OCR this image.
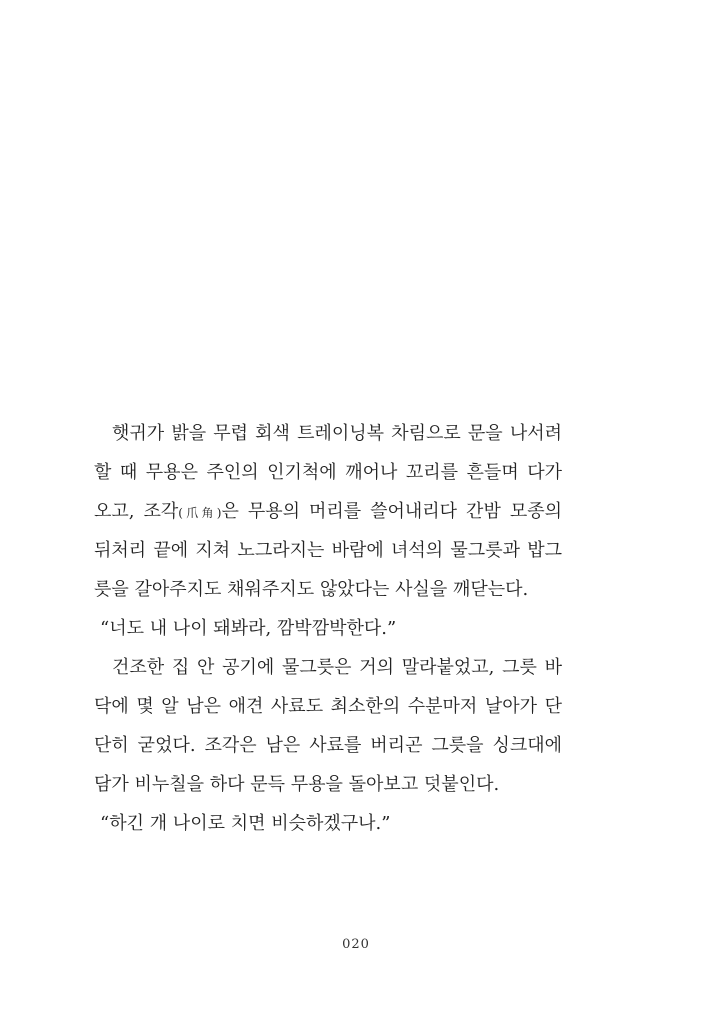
햇귀가 밝을 무렵 회색 트레이닝복 차림으로 문을 나서려
할 때 무용은 주인의 인기척에 깨어나 꼬리를 흔들며 다가
오고, 조각(爪角)은 무용의 머리를 쓸어내리다 간밤 모종의
뒤처리 끝에 지쳐 노그라지는 바람에 녀석의 물그릇과 밥그
릇을 갈아주지도 채워주지도 않았다는 사실을 깨닫는다.
“너도 내 나이 돼봐라, 깜박깜박한다.”
건조한 집 안 공기에 물그릇은 거의 말라붙었고, 그릇 바
닥에 몇 알 남은 애견 사료도 최소한의 수분마저 날아가 단
단히 굳었다. 조각은 남은 사료를 버리곤 그릇을 싱크대에
담가 비누칠을 하다 문득 무용을 돌아보고 덧붙인다.
“하긴 개 나이로 치면 비슷하겠구나.”
020
